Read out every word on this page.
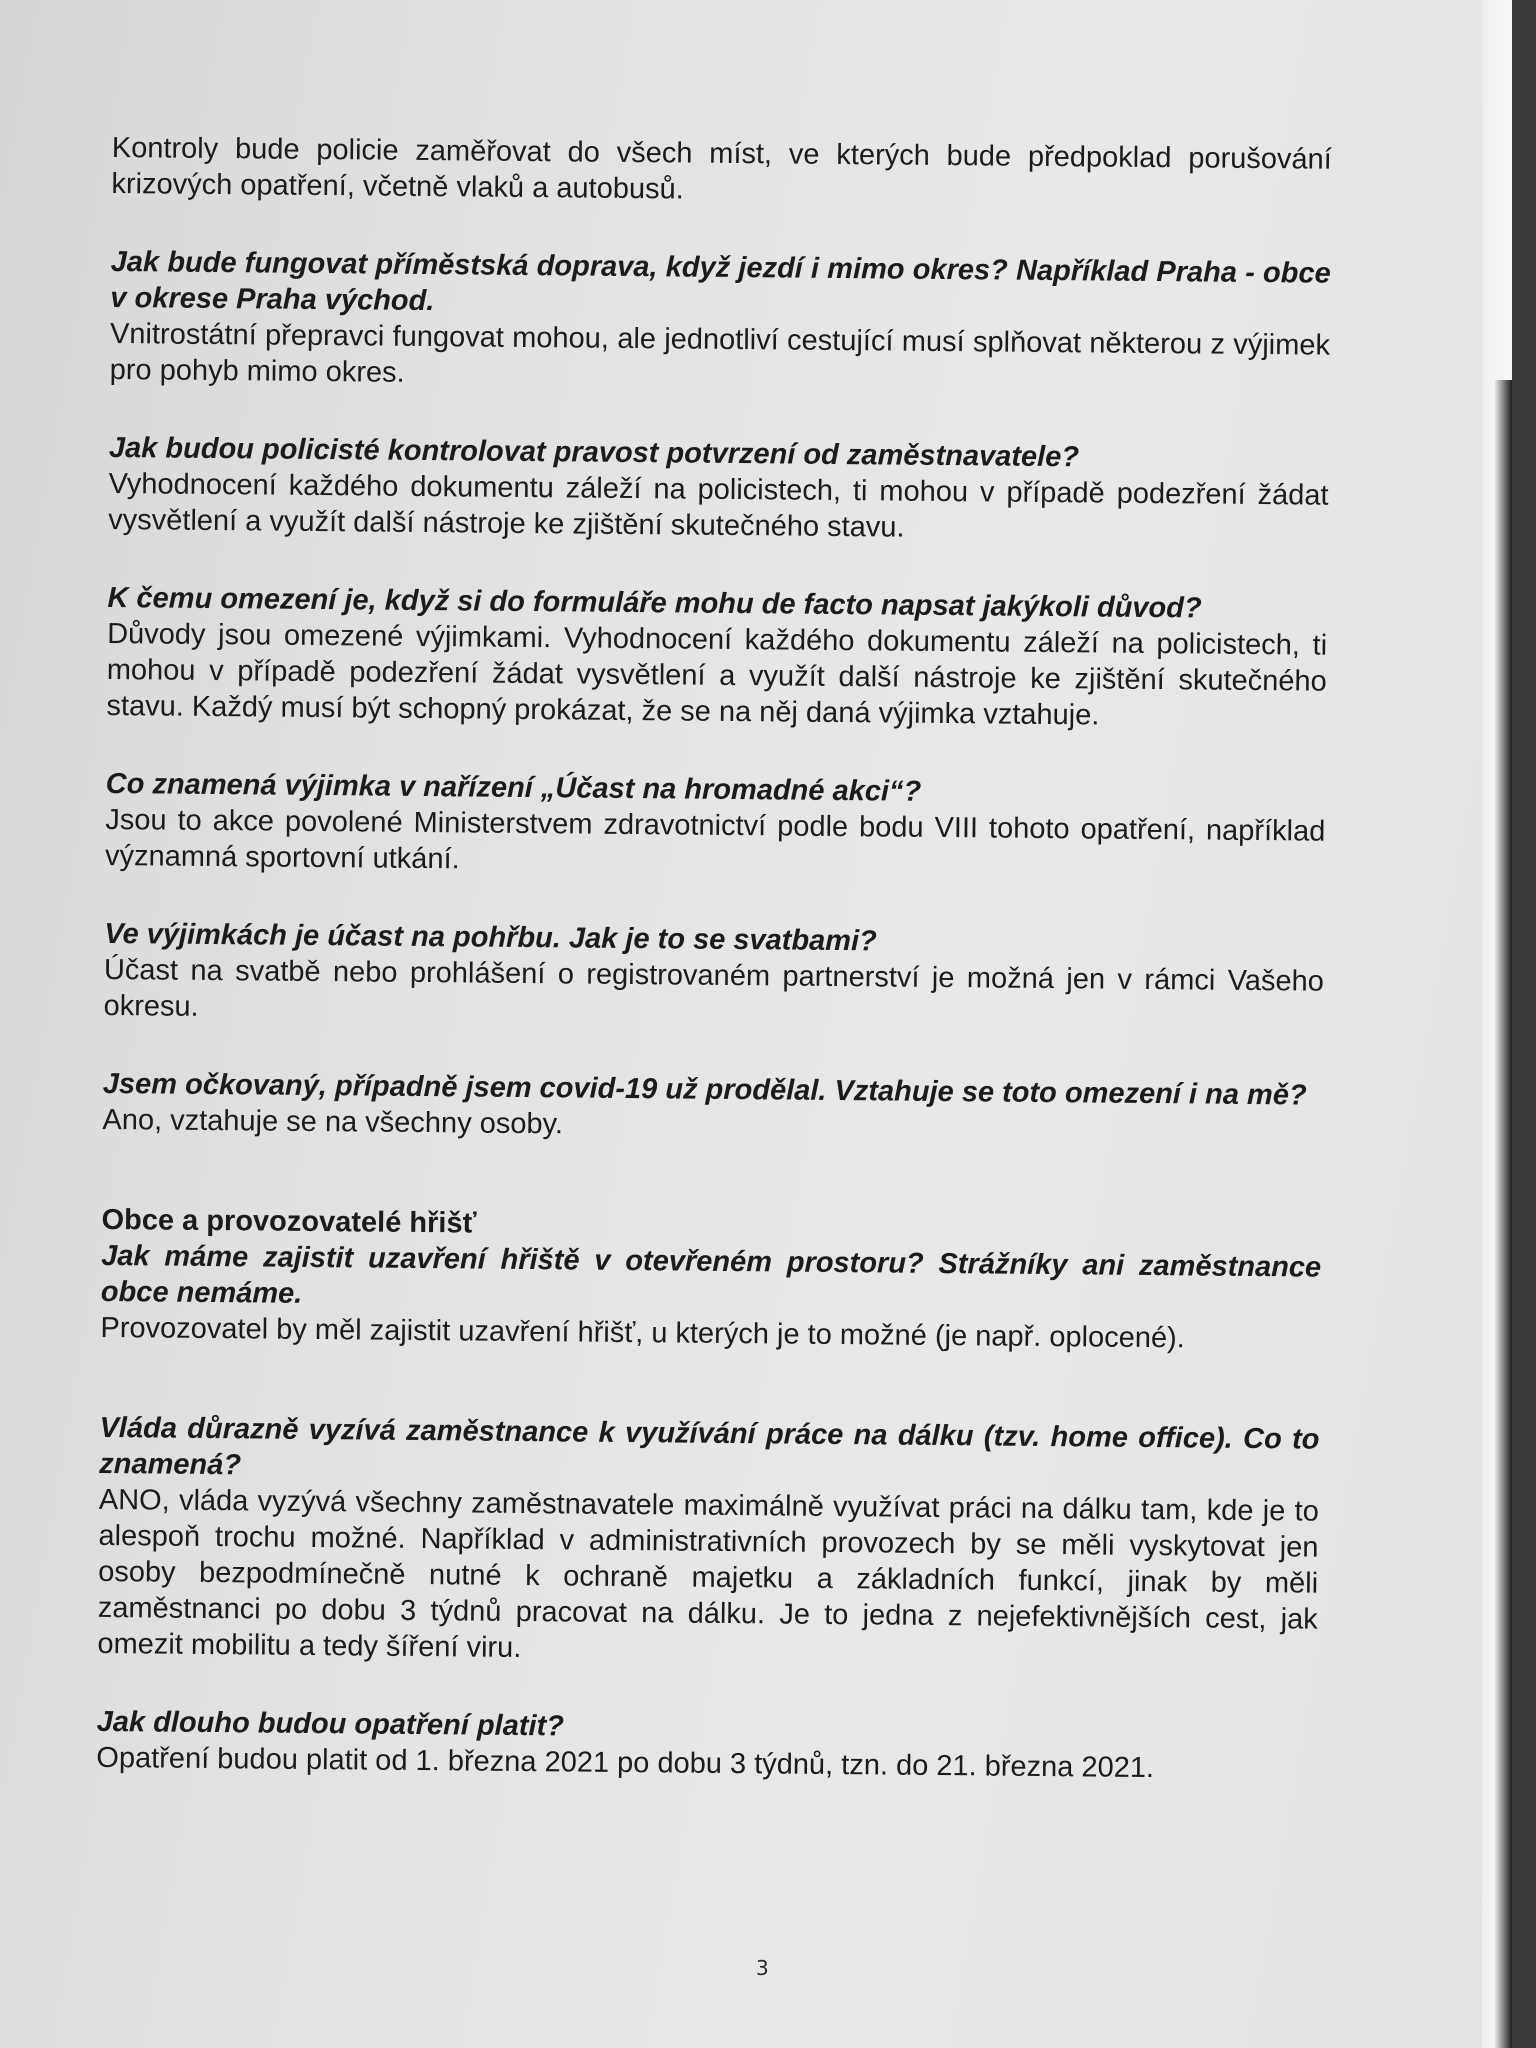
Kontroly bude policie zaměřovat do všech míst, ve kterých bude předpoklad porušování krizových opatření, včetně vlaků a autobusů.

Jak bude fungovat příměstská doprava, když jezdí i mimo okres? Například Praha - obce v okrese Praha východ.

Vnitrostátní přepravci fungovat mohou, ale jednotliví cestující musí splňovat některou z výjimek pro pohyb mimo okres.

Jak budou policisté kontrolovat pravost potvrzení od zaměstnavatele?

Vyhodnocení každého dokumentu záleží na policistech, ti mohou v případě podezření žádat vysvětlení a využít další nástroje ke zjištění skutečného stavu.

K čemu omezení je, když si do formuláře mohu de facto napsat jakýkoli důvod?

Důvody jsou omezené výjimkami. Vyhodnocení každého dokumentu záleží na policistech, ti mohou v případě podezření žádat vysvětlení a využít další nástroje ke zjištění skutečného stavu. Každý musí být schopný prokázat, že se na něj daná výjimka vztahuje.

Co znamená výjimka v nařízení „Účast na hromadné akci“?

Jsou to akce povolené Ministerstvem zdravotnictví podle bodu VIII tohoto opatření, například významná sportovní utkání.

Ve výjimkách je účast na pohřbu. Jak je to se svatbami?

Účast na svatbě nebo prohlášení o registrovaném partnerství je možná jen v rámci Vašeho okresu.

Jsem očkovaný, případně jsem covid-19 už prodělal. Vztahuje se toto omezení i na mě?

Ano, vztahuje se na všechny osoby.

Obce a provozovatelé hřišť

Jak máme zajistit uzavření hřiště v otevřeném prostoru? Strážníky ani zaměstnance obce nemáme.

Provozovatel by měl zajistit uzavření hřišť, u kterých je to možné (je např. oplocené).

Vláda důrazně vyzívá zaměstnance k využívání práce na dálku (tzv. home office). Co to znamená?

ANO, vláda vyzývá všechny zaměstnavatele maximálně využívat práci na dálku tam, kde je to alespoň trochu možné. Například v administrativních provozech by se měli vyskytovat jen osoby bezpodmínečně nutné k ochraně majetku a základních funkcí, jinak by měli zaměstnanci po dobu 3 týdnů pracovat na dálku. Je to jedna z nejefektivnějších cest, jak omezit mobilitu a tedy šíření viru.

Jak dlouho budou opatření platit?

Opatření budou platit od 1. března 2021 po dobu 3 týdnů, tzn. do 21. března 2021.

3
